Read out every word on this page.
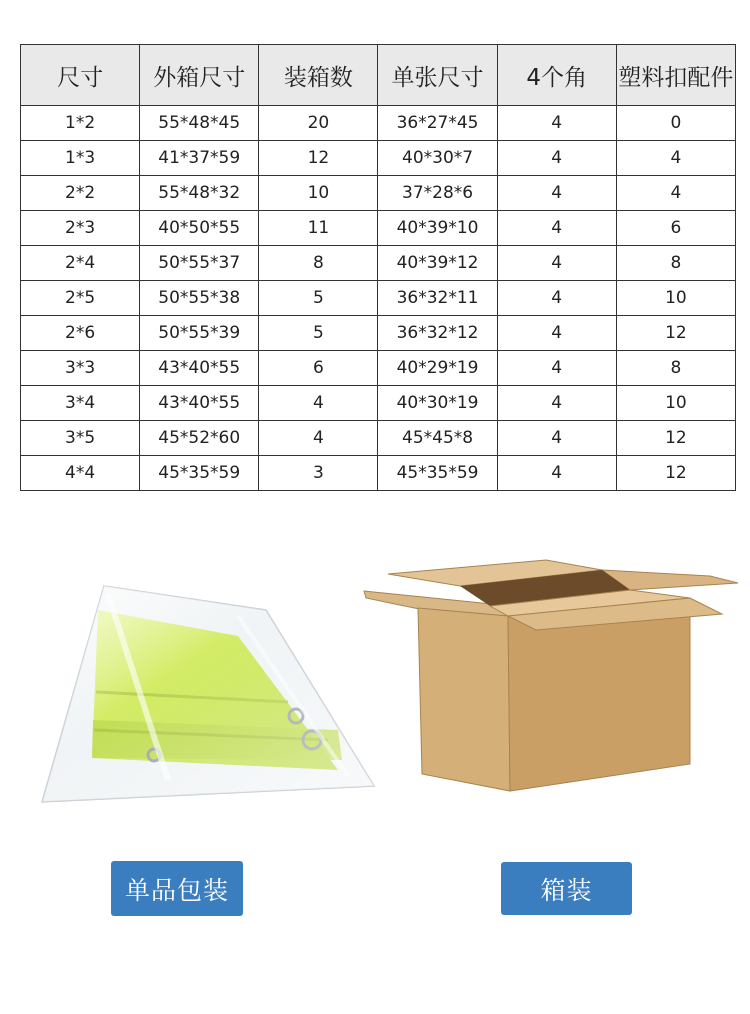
尺寸	外箱尺寸	装箱数	单张尺寸	4个角	塑料扣配件
1*2	55*48*45	20	36*27*45	4	0
1*3	41*37*59	12	40*30*7	4	4
2*2	55*48*32	10	37*28*6	4	4
2*3	40*50*55	11	40*39*10	4	6
2*4	50*55*37	8	40*39*12	4	8
2*5	50*55*38	5	36*32*11	4	10
2*6	50*55*39	5	36*32*12	4	12
3*3	43*40*55	6	40*29*19	4	8
3*4	43*40*55	4	40*30*19	4	10
3*5	45*52*60	4	45*45*8	4	12
4*4	45*35*59	3	45*35*59	4	12
单品包装	箱装
